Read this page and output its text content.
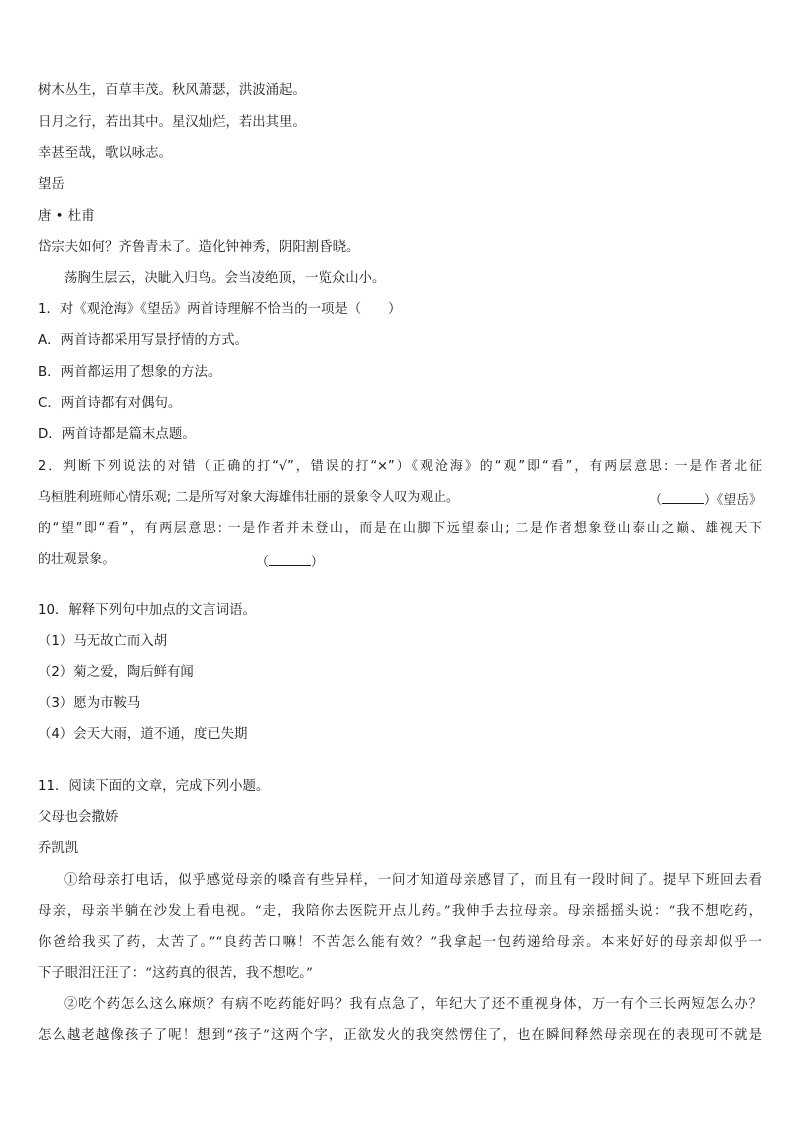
树木丛生，百草丰茂。秋风萧瑟，洪波涌起。
日月之行，若出其中。星汉灿烂，若出其里。
幸甚至哉，歌以咏志。
望岳
唐 • 杜甫
岱宗夫如何？齐鲁青未了。造化钟神秀，阴阳割昏晓。
荡胸生层云，决眦入归鸟。会当凌绝顶，一览众山小。
1．对《观沧海》《望岳》两首诗理解不恰当的一项是（　　）
A．两首诗都采用写景抒情的方式。
B．两首都运用了想象的方法。
C．两首诗都有对偶句。
D．两首诗都是篇末点题。
2．判断下列说法的对错（正确的打“√”，错误的打“×”）《观沧海》的“观”即“看”，有两层意思: 一是作者北征
乌桓胜利班师心情乐观; 二是所写对象大海雄伟壮丽的景象令人叹为观止。	（	）《望岳》
的“望”即“看”，有两层意思: 一是作者并未登山，而是在山脚下远望泰山; 二是作者想象登山泰山之巅、雄视天下
的壮观景象。	（	）
10．解释下列句中加点的文言词语。
（1）马无故亡而入胡
（2）菊之爱，陶后鲜有闻
（3）愿为市鞍马
（4）会天大雨，道不通，度已失期
11．阅读下面的文章，完成下列小题。
父母也会撒娇
乔凯凯
①给母亲打电话，似乎感觉母亲的嗓音有些异样，一问才知道母亲感冒了，而且有一段时间了。提早下班回去看
母亲，母亲半躺在沙发上看电视。“走，我陪你去医院开点儿药。”我伸手去拉母亲。母亲摇摇头说：“我不想吃药，
你爸给我买了药，太苦了。”“良药苦口嘛！不苦怎么能有效？”我拿起一包药递给母亲。本来好好的母亲却似乎一
下子眼泪汪汪了：“这药真的很苦，我不想吃。”
②吃个药怎么这么麻烦？有病不吃药能好吗？我有点急了，年纪大了还不重视身体，万一有个三长两短怎么办？
怎么越老越像孩子了呢！想到“孩子”这两个字，正欲发火的我突然愣住了，也在瞬间释然母亲现在的表现可不就是
